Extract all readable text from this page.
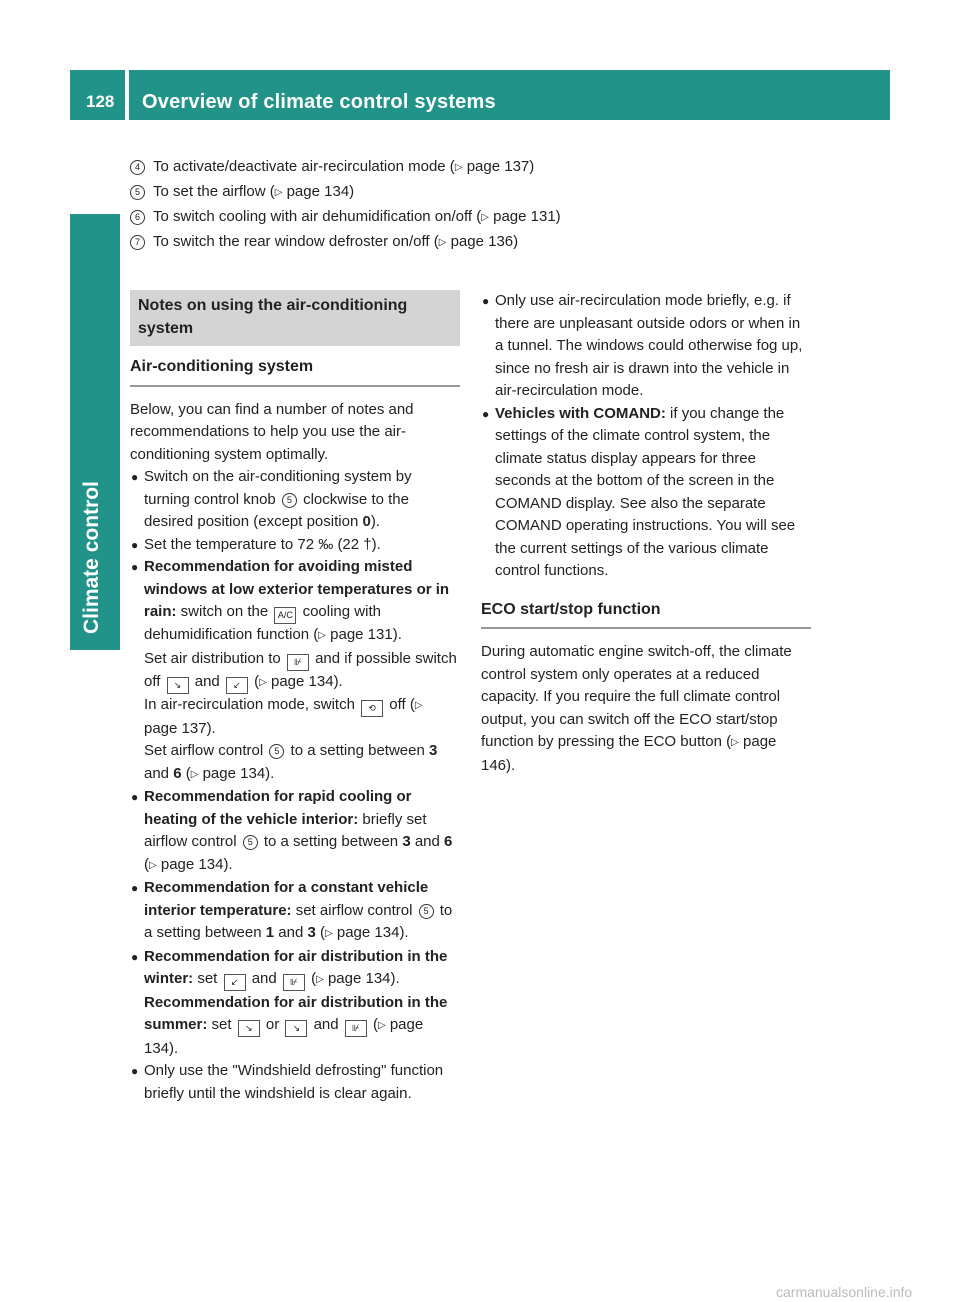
128 Overview of climate control systems
Climate control
4 To activate/deactivate air-recirculation mode (▷ page 137)
5 To set the airflow (▷ page 134)
6 To switch cooling with air dehumidification on/off (▷ page 131)
7 To switch the rear window defroster on/off (▷ page 136)
Notes on using the air-conditioning system
Air-conditioning system

Below, you can find a number of notes and recommendations to help you use the air-conditioning system optimally.

● Switch on the air-conditioning system by turning control knob 5 clockwise to the desired position (except position 0).
● Set the temperature to 72 ‰ (22 †).
● Recommendation for avoiding misted windows at low exterior temperatures or in rain: switch on the A/C cooling with dehumidification function (▷ page 131).
Set air distribution to ⊮ and if possible switch off ↘ and ↙ (▷ page 134).
In air-recirculation mode, switch ⟲ off (▷ page 137).
Set airflow control 5 to a setting between 3 and 6 (▷ page 134).
● Recommendation for rapid cooling or heating of the vehicle interior: briefly set airflow control 5 to a setting between 3 and 6 (▷ page 134).
● Recommendation for a constant vehicle interior temperature: set airflow control 5 to a setting between 1 and 3 (▷ page 134).
● Recommendation for air distribution in the winter: set ↙ and ⊮ (▷ page 134).
Recommendation for air distribution in the summer: set ↘ or ↘ and ⊮ (▷ page 134).
● Only use the "Windshield defrosting" function briefly until the windshield is clear again.
● Only use air-recirculation mode briefly, e.g. if there are unpleasant outside odors or when in a tunnel. The windows could otherwise fog up, since no fresh air is drawn into the vehicle in air-recirculation mode.
● Vehicles with COMAND: if you change the settings of the climate control system, the climate status display appears for three seconds at the bottom of the screen in the COMAND display. See also the separate COMAND operating instructions. You will see the current settings of the various climate control functions.
ECO start/stop function

During automatic engine switch-off, the climate control system only operates at a reduced capacity. If you require the full climate control output, you can switch off the ECO start/stop function by pressing the ECO button (▷ page 146).

carmanualsonline.info
